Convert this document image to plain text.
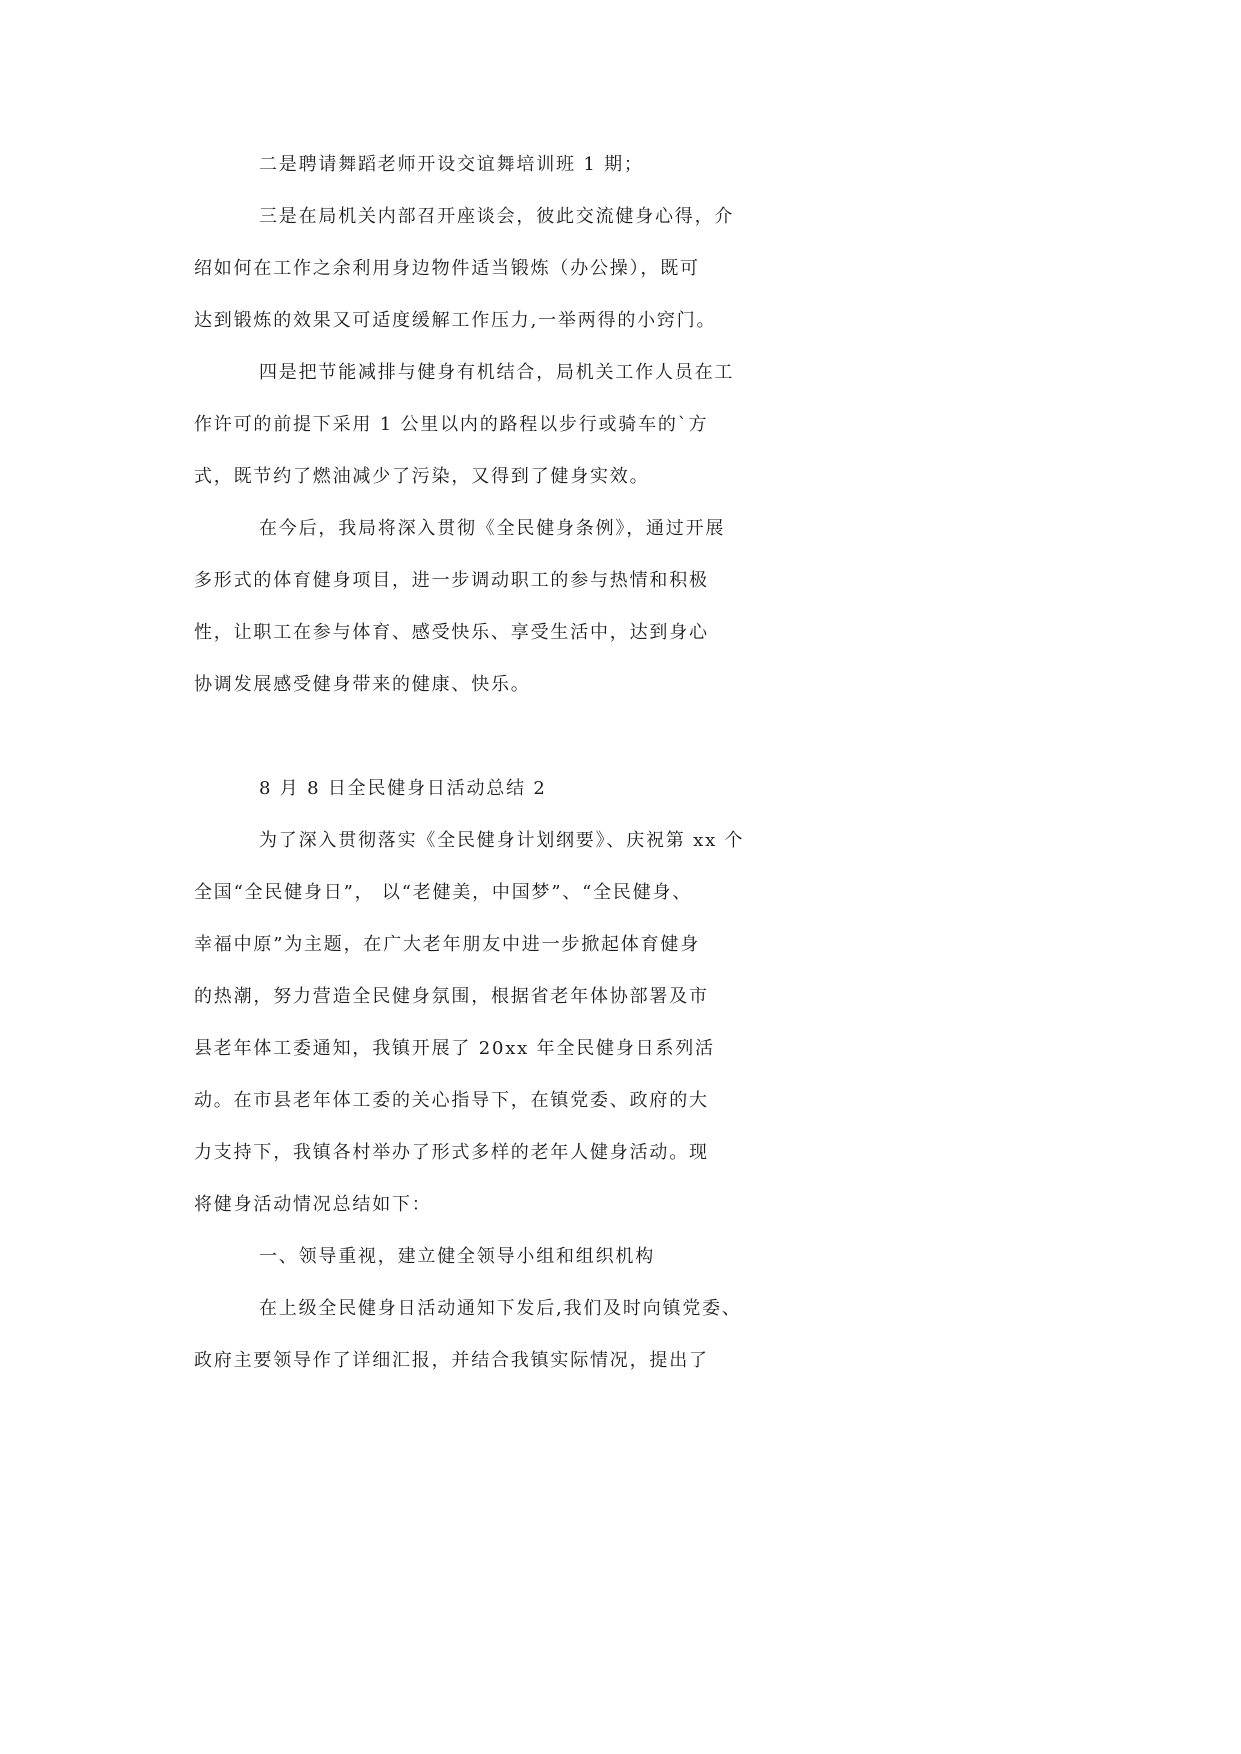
二是聘请舞蹈老师开设交谊舞培训班 1 期；
三是在局机关内部召开座谈会，彼此交流健身心得，介
绍如何在工作之余利用身边物件适当锻炼（办公操），既可
达到锻炼的效果又可适度缓解工作压力,一举两得的小窍门。
四是把节能减排与健身有机结合，局机关工作人员在工
作许可的前提下采用 1 公里以内的路程以步行或骑车的`方
式，既节约了燃油减少了污染，又得到了健身实效。
在今后，我局将深入贯彻《全民健身条例》，通过开展
多形式的体育健身项目，进一步调动职工的参与热情和积极
性，让职工在参与体育、感受快乐、享受生活中，达到身心
协调发展感受健身带来的健康、快乐。
8 月 8 日全民健身日活动总结 2
为了深入贯彻落实《全民健身计划纲要》、庆祝第 xx 个
全国“全民健身日”， 以“老健美，中国梦”、“全民健身、
幸福中原”为主题，在广大老年朋友中进一步掀起体育健身
的热潮，努力营造全民健身氛围，根据省老年体协部署及市
县老年体工委通知，我镇开展了 20xx 年全民健身日系列活
动。在市县老年体工委的关心指导下，在镇党委、政府的大
力支持下，我镇各村举办了形式多样的老年人健身活动。现
将健身活动情况总结如下：
一、领导重视，建立健全领导小组和组织机构
在上级全民健身日活动通知下发后,我们及时向镇党委、
政府主要领导作了详细汇报，并结合我镇实际情况，提出了
